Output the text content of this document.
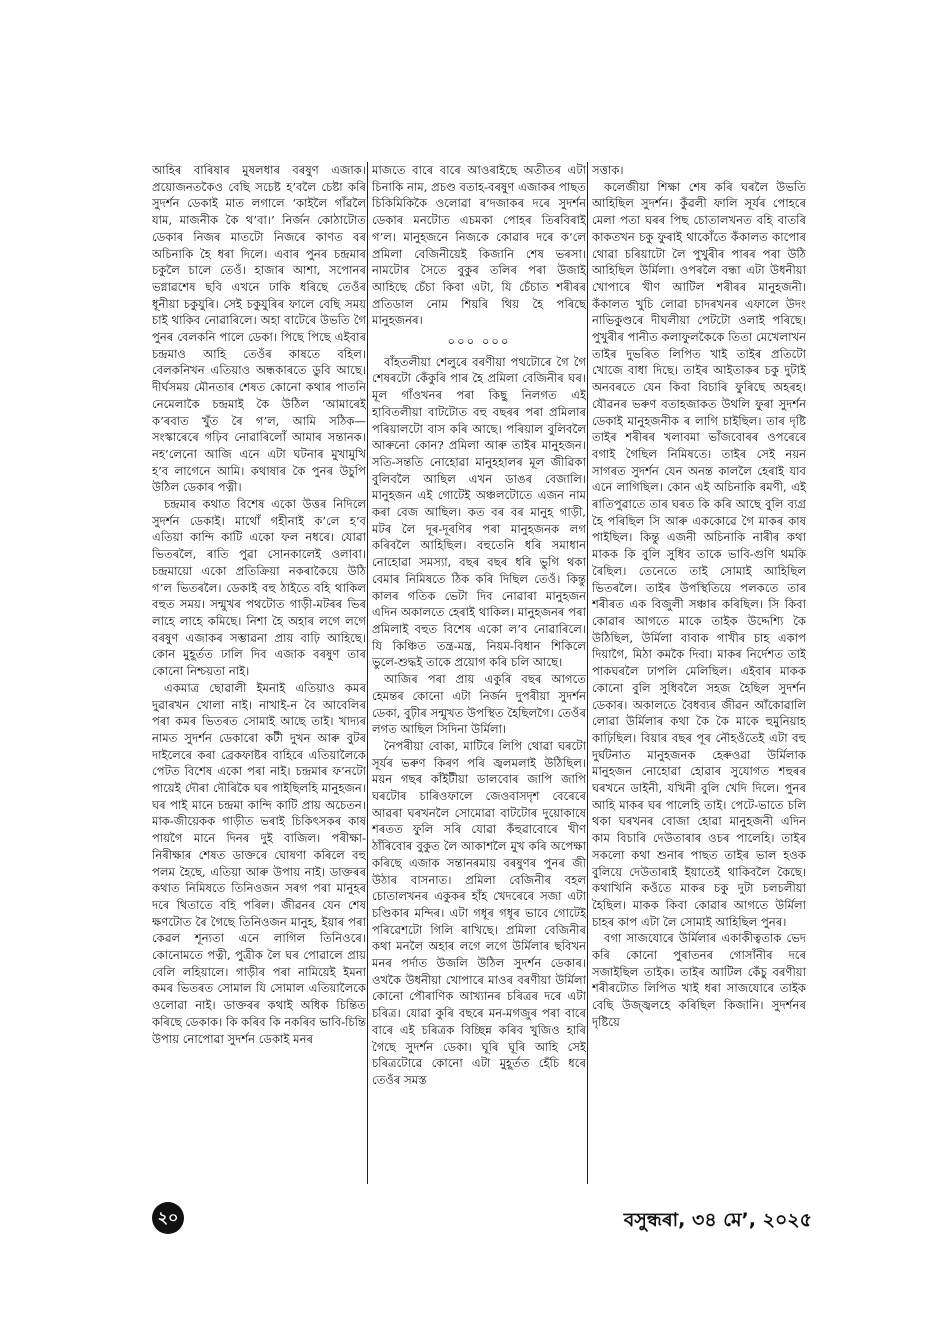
আহিৰ বাৰিষাৰ মুষলধাৰ বৰষুণ এজাক। প্ৰয়োজনতকৈও বেছি সচেষ্ট হ’বলৈ চেষ্টা কৰি সুদৰ্শন ডেকাই মাত লগালে ‘কাইলৈ গাঁৱলৈ যাম, মাজনীক কৈ থ’বা।’ নিৰ্জন কোঠাটোত ডেকাৰ নিজৰ মাতটো নিজৰে কাণত বৰ অচিনাকি হৈ ধৰা দিলে। এবাৰ পুনৰ চন্দ্ৰমাৰ চকুলৈ চালে তেওঁ। হাজাৰ আশা, সপোনৰ ভগ্নাৱশেষ ছবি এখনে ঢাকি ধৰিছে তেওঁৰ ধূনীয়া চকুযুৰি। সেই চকুযুৰিৰ ফালে বেছি সময় চাই থাকিব নোৱাৰিলে। অহা বাটেৰে উভতি গৈ পুনৰ বেলকনি পালে ডেকা। পিছে পিছে এইবাৰ চন্দ্ৰমাও আহি তেওঁৰ কাষতে বহিল। বেলকনিখন এতিয়াও অন্ধকাৰতে ডুবি আছে। দীৰ্ঘসময় মৌনতাৰ শেষত কোনো কথাৰ পাতনি নেমেলাকৈ চন্দ্ৰমাই কৈ উঠিল ‘আমাৰেই ক’ৰবাত খুঁত ৰৈ গ’ল, আমি সঠিক— সংস্কাৰেৰে গঢ়িব নোৱাৰিলোঁ আমাৰ সন্তানক। নহ’লেনো আজি এনে এটা ঘটনাৰ মুখামুখি হ’ব লাগেনে আমি। কথাষাৰ কৈ পুনৰ উচুপি উঠিল ডেকাৰ পত্নী।

চন্দ্ৰমাৰ কথাত বিশেষ একো উত্তৰ নিদিলে সুদৰ্শন ডেকাই। মাথোঁ গহীনাই ক’লে হ’ব এতিয়া কান্দি কাটি একো ফল নধৰে। যোৱা ভিতৰলৈ, ৰাতি পুৱা সোনকালেই ওলাবা। চন্দ্ৰমায়ো একো প্ৰতিক্ৰিয়া নকৰাকৈয়ে উঠি গ’ল ভিতৰলৈ। ডেকাই বহু ঠাইতে বহি থাকিল বহুত সময়। সন্মুখৰ পথটোত গাড়ী-মটৰৰ ভিৰ লাহে লাহে কমিছে। নিশা হৈ অহাৰ লগে লগে বৰষুণ এজাকৰ সম্ভাৱনা প্ৰায় বাঢ়ি আহিছে। কোন মুহূৰ্তত ঢালি দিব এজাক বৰষুণ তাৰ কোনো নিশ্চয়তা নাই।

একমাত্ৰ ছোৱালী ইমনাই এতিয়াও কমৰ দুৱাৰখন খোলা নাই। নাখাই-ন বৈ আবেলিৰ পৰা কমৰ ভিতৰত সোমাই আছে তাই। খাদ্যৰ নামত সুদৰ্শন ডেকাৰো কটী দুখন আৰু বুটৰ দাইলেৰে কৰা ব্ৰেকফাষ্টৰ বাহিৰে এতিয়ালৈকে পেটত বিশেষ একো পৰা নাই। চন্দ্ৰমাৰ ফ’নটো পায়েই দৌৰা দৌৰিকৈ ঘৰ পাইছিলহি মানুহজন। ঘৰ পাই মানে চন্দ্ৰমা কান্দি কাটি প্ৰায় অচেতন। মাক-জীয়েকক গাড়ীত ভৰাই চিকিৎসকৰ কাষ পায়গৈ মানে দিনৰ দুই বাজিল। পৰীক্ষা-নিৰীক্ষাৰ শেষত ডাক্তৰে ঘোষণা কৰিলে বহু পলম হৈছে, এতিয়া আৰু উপায় নাই। ডাক্তৰৰ কথাত নিমিষতে তিনিওজন সৰগ পৰা মানুহৰ দৰে থিতাতে বহি পৰিল। জীৱনৰ যেন শেষ ক্ষণটোত ৰৈ গৈছে তিনিওজন মানুহ, ইয়াৰ পৰা কেৱল শূন্যতা এনে লাগিল তিনিওৰে। কোনোমতে পত্নী, পুত্ৰীক লৈ ঘৰ পোৱালে প্ৰায় বেলি লহিয়ালে। গাড়ীৰ পৰা নামিয়েই ইমনা কমৰ ভিতৰত সোমাল যি সোমাল এতিয়ালৈকে ওলোৱা নাই। ডাক্তৰৰ কথাই অধিক চিন্তিত কৰিছে ডেকাক। কি কৰিব কি নকৰিব ভাবি-চিন্তি উপায় নোপোৱা সুদৰ্শন ডেকাই মনৰ

মাজতে বাৰে বাৰে আওৰাইছে অতীতৰ এটা চিনাকি নাম, প্ৰচণ্ড বতাহ-বৰষুণ এজাকৰ পাছত চিকিমিকিকৈ ওলোৱা ৰ’দজাকৰ দৰে সুদৰ্শন ডেকাৰ মনটোত এচমকা পোহৰ তিৰবিৰাই গ’ল। মানুহজনে নিজকে কোৱাৰ দৰে ক’লে প্ৰমিলা বেজিনীয়েই কিজানি শেষ ভৰসা। নামটোৰ সৈতে বুকুৰ তলিৰ পৰা উজাই আহিছে চেঁচা কিবা এটা, যি চেঁচাত শৰীৰৰ প্ৰতিডাল নোম শিয়ৰি থিয় হৈ পৰিছে মানুহজনৰ।

০০০ ০০০

বাঁহতলীয়া শেলুৰে বৰণীয়া পথটোৰে গৈ গৈ শেষৰটো কেঁকুৰি পাৰ হৈ প্ৰমিলা বেজিনীৰ ঘৰ। মূল গাঁওখনৰ পৰা কিছু নিলগত এই হাবিতলীয়া বাটটোত বহু বছৰৰ পৰা প্ৰমিলাৰ পৰিয়ালটো বাস কৰি আছে। পৰিয়াল বুলিবলৈ আৰুনো কোন? প্ৰমিলা আৰু তাইৰ মানুহজন। সতি-সন্ততি নোহোৱা মানুহহালৰ মূল জীৱিকা বুলিবলৈ আছিল এখন ডাঙৰ বেজালি। মানুহজন এই গোটেই অঞ্চলটোতে এজন নাম কৰা বেজ আছিল। কত বৰ বৰ মানুহ গাড়ী, মটৰ লৈ দূৰ-দূৰণিৰ পৰা মানুহজনক লগ কৰিবলৈ আহিছিল। বহুতেনি ধৰি সমাধান নোহোৱা সমস্যা, বছৰ বছৰ ধৰি ভুগি থকা বেমাৰ নিমিষতে ঠিক কৰি দিছিল তেওঁ। কিন্তু কালৰ গতিক ভেটা দিব নোৱাৰা মানুহজন এদিন অকালতে হেৰাই থাকিল। মানুহজনৰ পৰা প্ৰমিলাই বহুত বিশেষ একো ল’ব নোৱাৰিলে। যি কিঞ্চিত তন্ত্ৰ-মন্ত্ৰ, নিয়ম-বিধান শিকিলে ভুলে-শুদ্ধই তাকে প্ৰয়োগ কৰি চলি আছে।

আজিৰ পৰা প্ৰায় একুৰি বছৰ আগতে হেমন্তৰ কোনো এটা নিৰ্জন দুপৰীয়া সুদৰ্শন ডেকা, বুঢ়ীৰ সন্মুখত উপস্থিত হৈছিলগৈ। তেওঁৰ লগত আছিল সিদিনা উৰ্মিলা।

নৈপৰীয়া বোকা, মাটিৰে লিপি থোৱা ঘৰটো সূৰ্যৰ ভৰুণ কিৰণ পৰি জ্বলমলাই উঠিছিল। ময়ন গছৰ কাঁইটীয়া ডালবোৰ জাপি জাপি ঘৰটোৰ চাৰিওফালে জেওবাসদৃশ বেৰেৰে আৱৰা ঘৰখনলৈ সোমোৱা বাটটোৰ দুয়োকাষে শৰতত ফুলি সৰি যোৱা কঁহুৱাবোৰে খীণ ঠাঁৰিবোৰ বুকুত লৈ আকাশলৈ মুখ কৰি অপেক্ষা কৰিছে এজাক সন্তানৰমায় বৰষুণৰ পুনৰ জী উঠাৰ বাসনাত। প্ৰমিলা বেজিনীৰ বহল চোতালখনৰ একুকৰ হাঁহ খেদৰেৰে সজা এটা চণ্ডিকাৰ মন্দিৰ। এটা গধূৰ গধূৰ ভাবে গোটেই পৰিৱেশটো গিলি ৰাখিছে। প্ৰমিলা বেজিনীৰ কথা মনলৈ অহাৰ লগে লগে উৰ্মিলাৰ ছবিখন মনৰ পৰ্দাত উজলি উঠিল সুদৰ্শন ডেকাৰ। ওখকৈ উধনীয়া খোপাৰে মাওৰ বৰণীয়া উৰ্মিলা কোনো পৌৰাণিক আখ্যানৰ চৰিত্ৰৰ দৰে এটা চৰিত্ৰ। যোৱা কুৰি বছৰে মন-মগজুৰ পৰা বাৰে বাৰে এই চৰিত্ৰক বিচ্ছিন্ন কৰিব খুজিও হাৰি গৈছে সুদৰ্শন ডেকা। ঘূৰি ঘূৰি আহি সেই চৰিত্ৰটোৱে কোনো এটা মুহূৰ্তত হেঁচি ধৰে তেওঁৰ সমস্ত

সত্তাক।

কলেজীয়া শিক্ষা শেষ কৰি ঘৰলৈ উভতি আহিছিল সুদৰ্শন। কুঁৱলী ফালি সূৰ্যৰ পোহৰে মেলা পতা ঘৰৰ পিছ চোতালখনত বহি বাতৰি কাকতখন চকু ফুৰাই থাকোঁতে কঁকালত কাপোৰ থোৱা চৰিয়াটো লৈ পুখুৰীৰ পাৰৰ পৰা উঠি আহিছিল উৰ্মিলা। ওপৰলৈ বন্ধা এটা উধনীয়া খোপাৰে খীণ আটিল শৰীৰৰ মানুহজনী। কঁকালত খুচি লোৱা চাদৰখনৰ এফালে উদং নাভিকুণ্ডৰে দীঘলীয়া পেটটো ওলাই পৰিছে। পুখুৰীৰ পানীত কলাফুলকৈকে তিতা মেখেলাখন তাইৰ দুভৰিত লিপিত খাই তাইৰ প্ৰতিটো খোজে বাধা দিছে। তাইৰ আইতাকৰ চকু দুটাই অনবৰতে যেন কিবা বিচাৰি ফুৰিছে অহৰহ। যৌৱনৰ ভৰুণ বতাহজাকত উথলি ফুৰা সুদৰ্শন ডেকাই মানুহজনীক ৰ লাগি চাইছিল। তাৰ দৃষ্টি তাইৰ শৰীৰৰ খলাবমা ভাঁজবোৰৰ ওপৰেৰে বগাই গৈছিল নিমিষতে। তাইৰ সেই নয়ন সাগৰত সুদৰ্শন যেন অনন্ত কাললৈ হেৰাই যাব এনে লাগিছিল। কোন এই অচিনাকি ৰমণী, এই ৰাতিপুৱাতে তাৰ ঘৰত কি কৰি আছে বুলি ব্যগ্ৰ হৈ পৰিছিল সি আৰু এককোৱে গৈ মাকৰ কাষ পাইছিল। কিন্তু এজনী অচিনাকি নাৰীৰ কথা মাকক কি বুলি সুধিব তাকে ভাবি-গুণি থমকি ৰৈছিল। তেনেতে তাই সোমাই আহিছিল ভিতৰলৈ। তাইৰ উপস্থিতিয়ে পলকতে তাৰ শৰীৰত এক বিজুলী সঞ্চাৰ কৰিছিল। সি কিবা কোৱাৰ আগতে মাকে তাইক উদ্দেশ্যি কৈ উঠিছিল, উৰ্মিলা বাবাক গাখীৰ চাহ একাপ দিয়াগৈ, মিঠা কমকৈ দিবা। মাকৰ নিৰ্দেশত তাই পাকঘৰলৈ ঢাপলি মেলিছিল। এইবাৰ মাকক কোনো বুলি সুধিবলৈ সহজ হৈছিল সুদৰ্শন ডেকাৰ। অকালতে বৈধব্যৰ জীৱন আঁকোৱালি লোৱা উৰ্মিলাৰ কথা কৈ কৈ মাকে হুমুনিয়াহ কাঢ়িছিল। বিয়াৰ বছৰ পূৰ নৌহওঁতেই এটা বহু দুৰ্ঘটনাত মানুহজনক হেৰুওৱা উৰ্মিলাক মানুহজন নোহোৱা হোৱাৰ সুযোগত শহুৰৰ ঘৰখনে ডাইনী, যখিনী বুলি খেদি দিলে। পুনৰ আহি মাকৰ ঘৰ পালেহি তাই। পেটে-ভাতে চলি থকা ঘৰখনৰ বোজা হোৱা মানুহজনী এদিন কাম বিচাৰি দেউতাৰাৰ ওচৰ পালেহি। তাইৰ সকলো কথা শুনাৰ পাছত তাইৰ ভাল হওক বুলিয়ে দেউতাৰাই ইয়াতেই থাকিবলৈ কৈছে। কথাখিনি কওঁতে মাকৰ চকু দুটা চলচলীয়া হৈছিল। মাকক কিবা কোৱাৰ আগতে উৰ্মিলা চাহৰ কাপ এটা লৈ সোমাই আহিছিল পুনৰ।

বগা সাজযোৰে উৰ্মিলাৰ একাকীত্বতাক ভেদ কৰি কোনো পুৰাতনৰ গোসাঁনীৰ দৰে সজাইছিল তাইক। তাইৰ আটিল কেঁচু বৰণীয়া শৰীৰটোত লিপিত খাই ধৰা সাজযোৰে তাইক বেছি উজ্জ্বলহে কৰিছিল কিজানি। সুদৰ্শনৰ দৃষ্টিয়ে

২০	বসুন্ধৰা, ৩৪ মে’, ২০২৫
